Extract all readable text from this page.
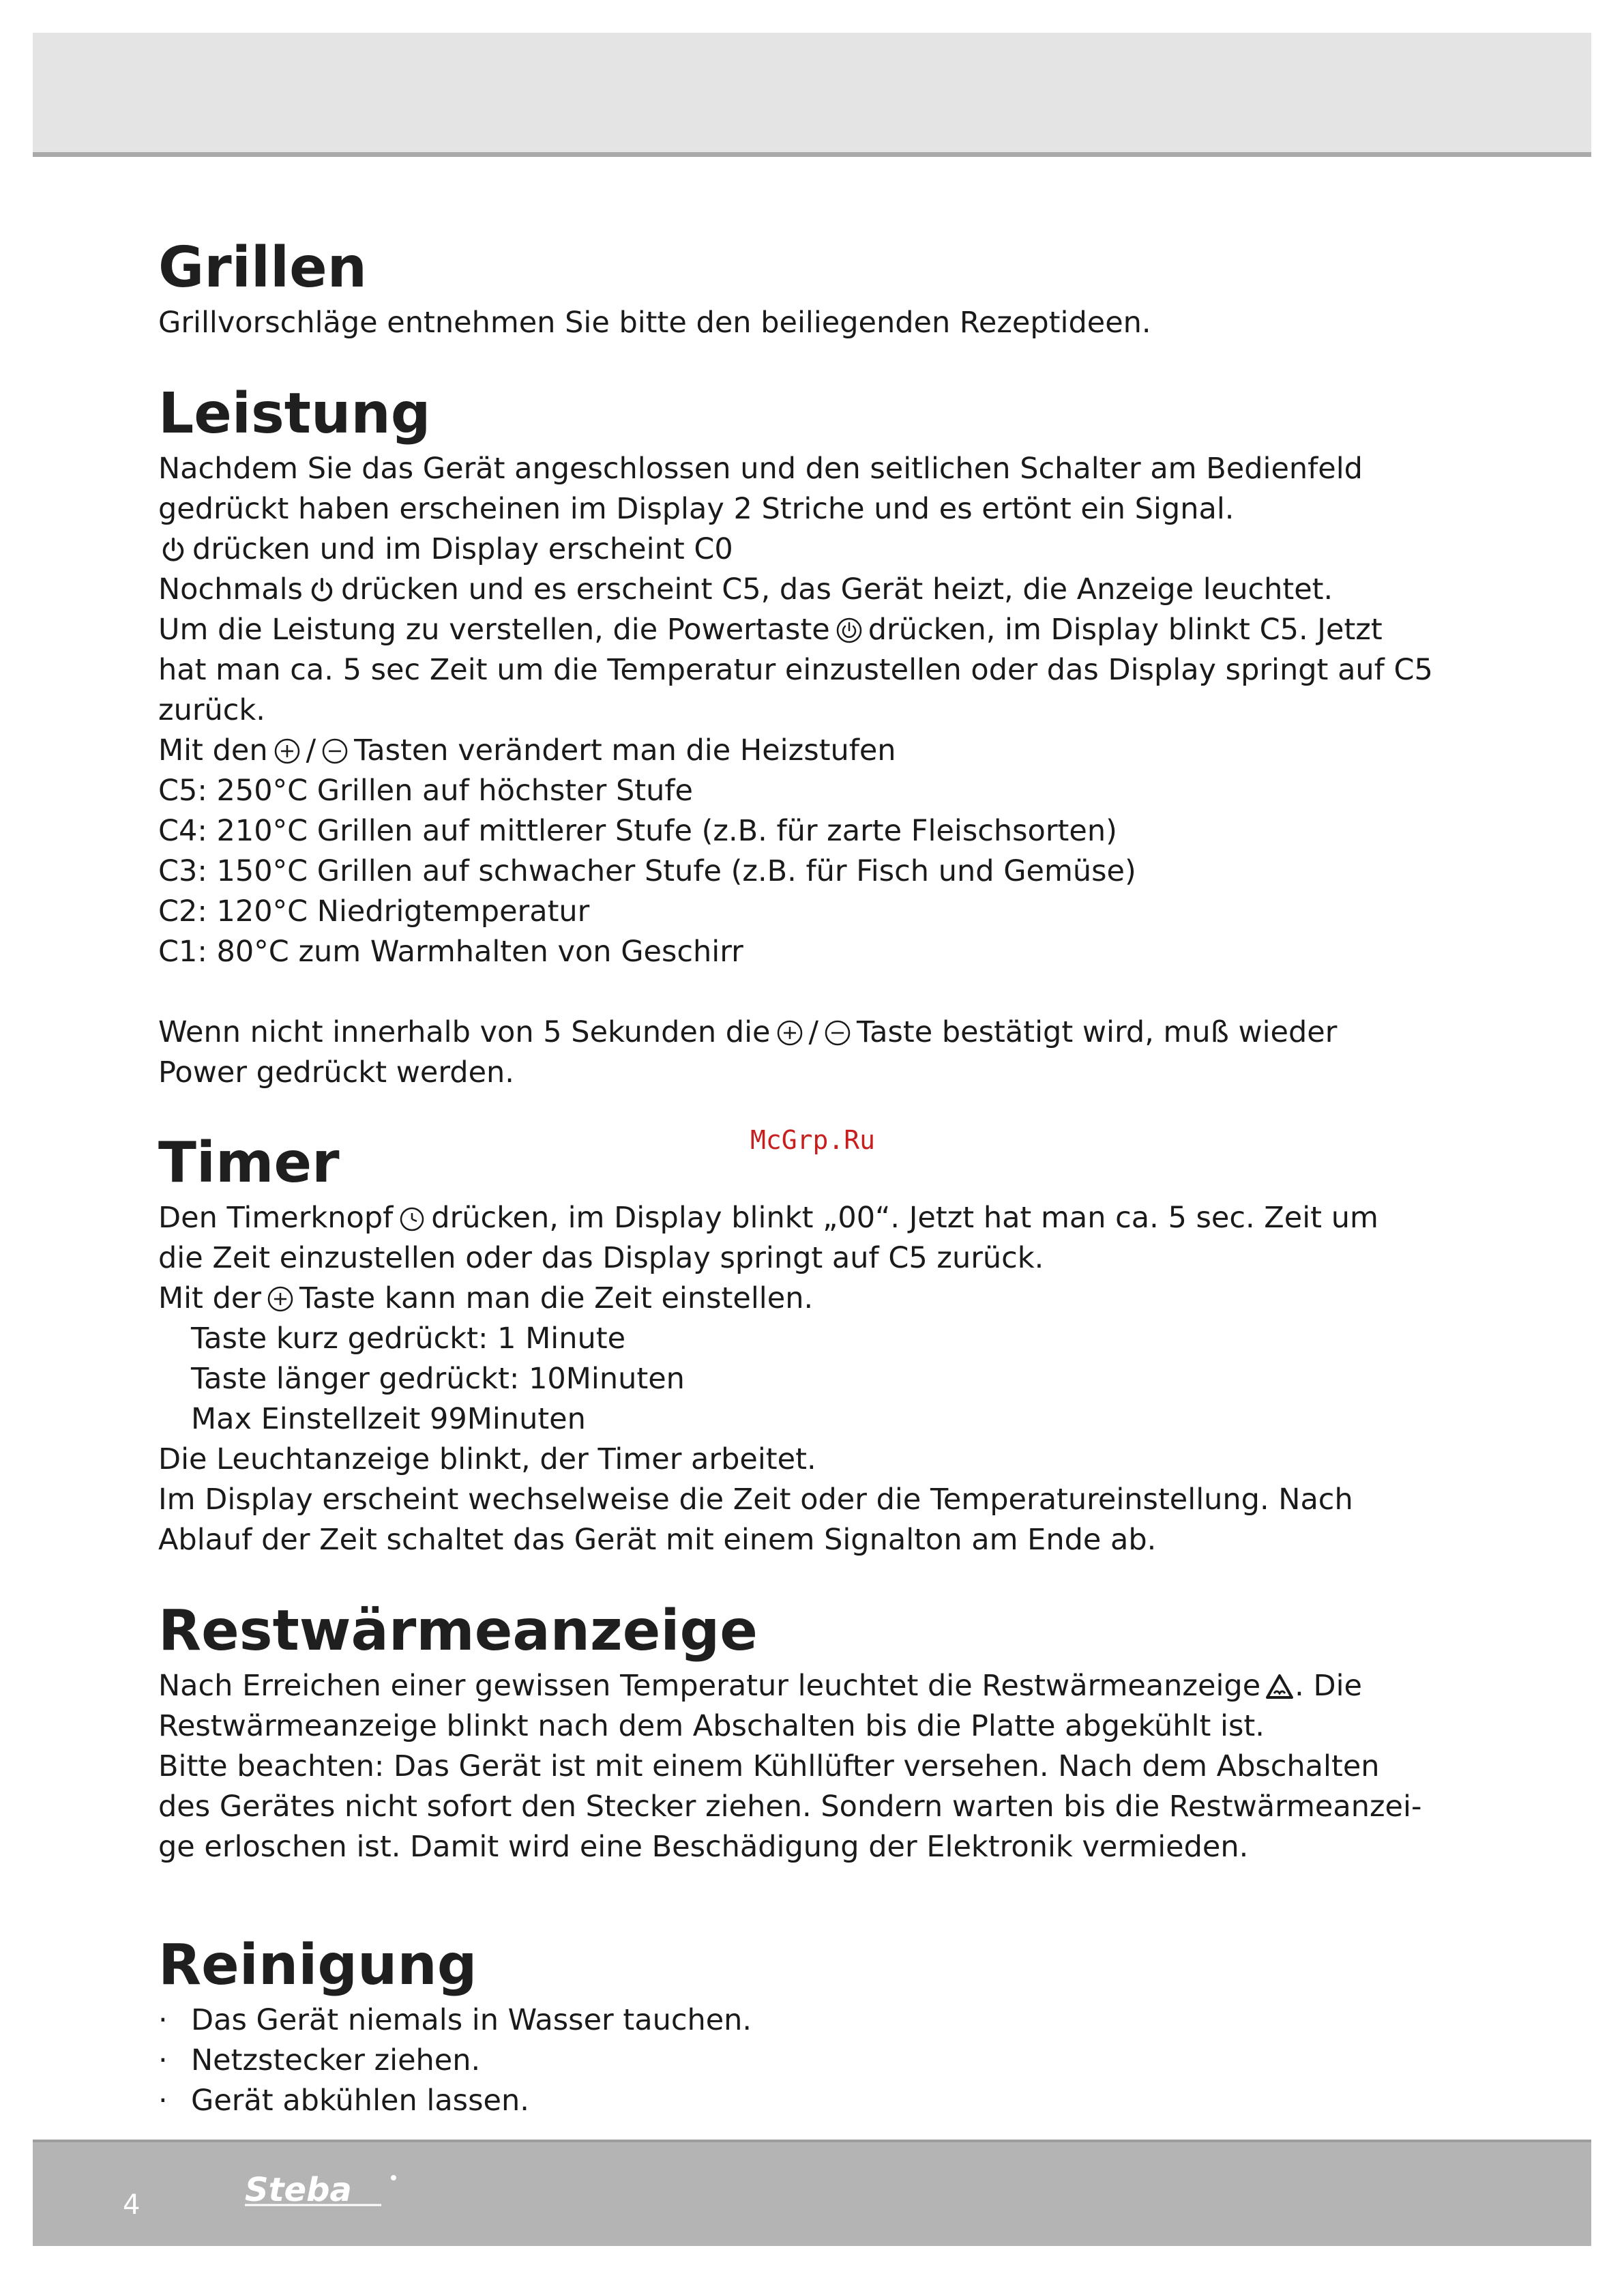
McGrp.Ru
Grillen
Grillvorschläge entnehmen Sie bitte den beiliegenden Rezeptideen.
Leistung
Nachdem Sie das Gerät angeschlossen und den seitlichen Schalter am Bedienfeld
gedrückt haben erscheinen im Display 2 Striche und es ertönt ein Signal.
drücken und im Display erscheint C0
Nochmals drücken und es erscheint C5, das Gerät heizt, die Anzeige leuchtet.
Um die Leistung zu verstellen, die Powertaste drücken, im Display blinkt C5. Jetzt
hat man ca. 5 sec Zeit um die Temperatur einzustellen oder das Display springt auf C5
zurück.
Mit den / Tasten verändert man die Heizstufen
C5: 250°C Grillen auf höchster Stufe
C4: 210°C Grillen auf mittlerer Stufe (z.B. für zarte Fleischsorten)
C3: 150°C Grillen auf schwacher Stufe (z.B. für Fisch und Gemüse)
C2: 120°C Niedrigtemperatur
C1: 80°C zum Warmhalten von Geschirr
Wenn nicht innerhalb von 5 Sekunden die / Taste bestätigt wird, muß wieder
Power gedrückt werden.
Timer
Den Timerknopf drücken, im Display blinkt „00“. Jetzt hat man ca. 5 sec. Zeit um
die Zeit einzustellen oder das Display springt auf C5 zurück.
Mit der Taste kann man die Zeit einstellen.
Taste kurz gedrückt: 1 Minute
Taste länger gedrückt: 10Minuten
Max Einstellzeit 99Minuten
Die Leuchtanzeige blinkt, der Timer arbeitet.
Im Display erscheint wechselweise die Zeit oder die Temperatureinstellung. Nach
Ablauf der Zeit schaltet das Gerät mit einem Signalton am Ende ab.
Restwärmeanzeige
Nach Erreichen einer gewissen Temperatur leuchtet die Restwärmeanzeige . Die
Restwärmeanzeige blinkt nach dem Abschalten bis die Platte abgekühlt ist.
Bitte beachten: Das Gerät ist mit einem Kühllüfter versehen. Nach dem Abschalten
des Gerätes nicht sofort den Stecker ziehen. Sondern warten bis die Restwärmeanzei-
ge erloschen ist. Damit wird eine Beschädigung der Elektronik vermieden.
Reinigung
· Das Gerät niemals in Wasser tauchen.
· Netzstecker ziehen.
· Gerät abkühlen lassen.
4	Steba
